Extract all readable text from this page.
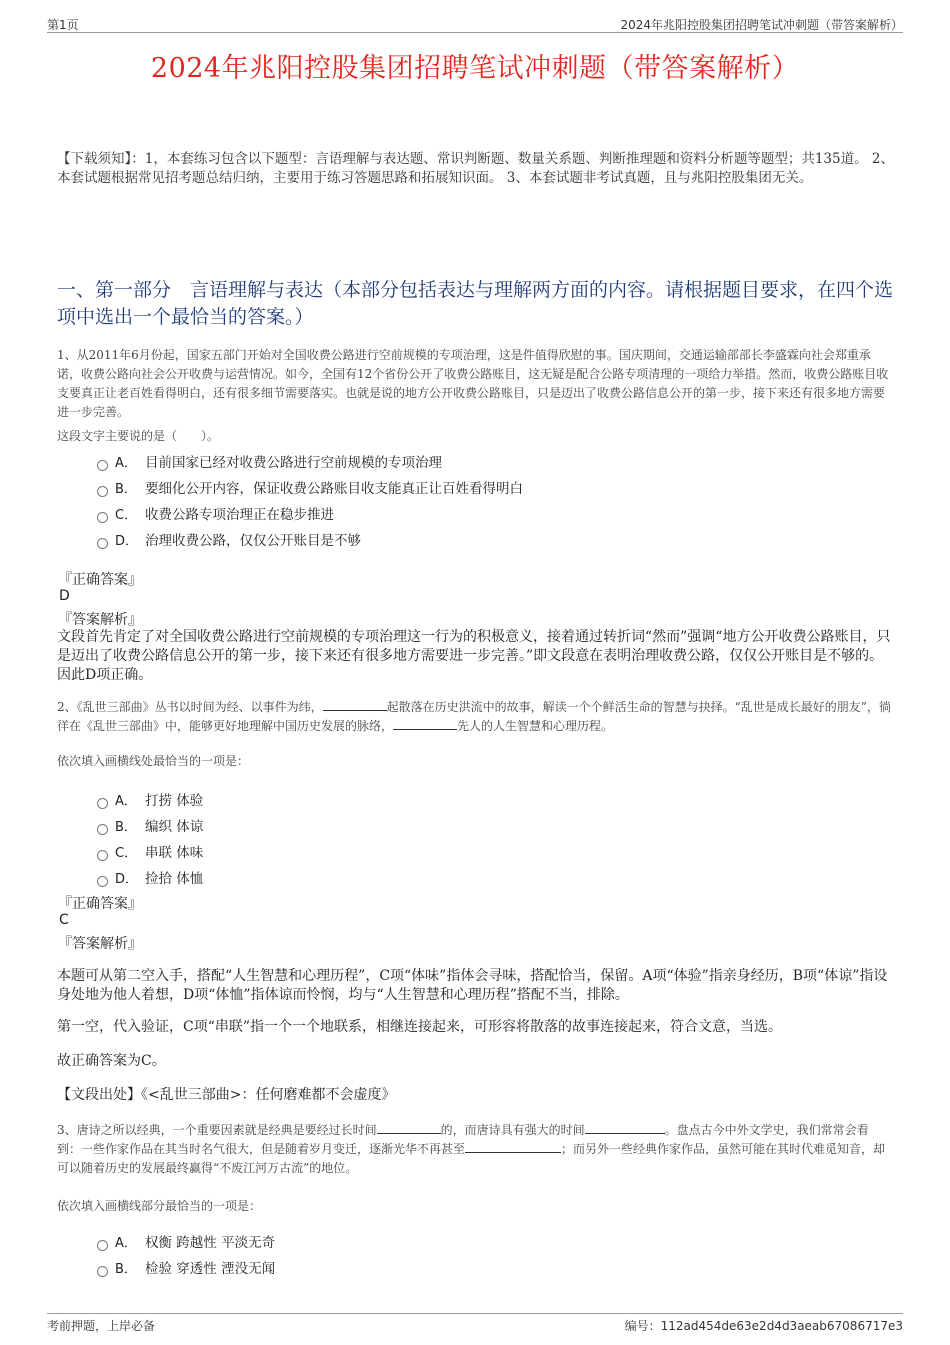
第1页	2024年兆阳控股集团招聘笔试冲刺题（带答案解析）
2024年兆阳控股集团招聘笔试冲刺题（带答案解析）
【下载须知】：1，本套练习包含以下题型：言语理解与表达题、常识判断题、数量关系题、判断推理题和资料分析题等题型；共135道。 2、本套试题根据常见招考题总结归纳，主要用于练习答题思路和拓展知识面。 3、本套试题非考试真题，且与兆阳控股集团无关。
一、第一部分　言语理解与表达（本部分包括表达与理解两方面的内容。请根据题目要求，在四个选项中选出一个最恰当的答案。）
1、从2011年6月份起，国家五部门开始对全国收费公路进行空前规模的专项治理，这是件值得欣慰的事。国庆期间，交通运输部部长李盛霖向社会郑重承诺，收费公路向社会公开收费与运营情况。如今，全国有12个省份公开了收费公路账目，这无疑是配合公路专项清理的一项给力举措。然而，收费公路账目收支要真正让老百姓看得明白，还有很多细节需要落实。也就是说的地方公开收费公路账目，只是迈出了收费公路信息公开的第一步，接下来还有很多地方需要进一步完善。
这段文字主要说的是（　　）。
A． 目前国家已经对收费公路进行空前规模的专项治理
B． 要细化公开内容，保证收费公路账目收支能真正让百姓看得明白
C． 收费公路专项治理正在稳步推进
D． 治理收费公路，仅仅公开账目是不够
『正确答案』
D
『答案解析』
文段首先肯定了对全国收费公路进行空前规模的专项治理这一行为的积极意义，接着通过转折词“然而”强调“地方公开收费公路账目，只是迈出了收费公路信息公开的第一步，接下来还有很多地方需要进一步完善。”即文段意在表明治理收费公路，仅仅公开账目是不够的。因此D项正确。
2、《乱世三部曲》丛书以时间为经、以事件为纬，	起散落在历史洪流中的故事，解读一个个鲜活生命的智慧与抉择。“乱世是成长最好的朋友”，徜徉在《乱世三部曲》中，能够更好地理解中国历史发展的脉络，	先人的人生智慧和心理历程。
依次填入画横线处最恰当的一项是：
A． 打捞 体验
B． 编织 体谅
C． 串联 体味
D． 捡拾 体恤
『正确答案』
C
『答案解析』
本题可从第二空入手，搭配“人生智慧和心理历程”，C项“体味”指体会寻味，搭配恰当，保留。A项“体验”指亲身经历，B项“体谅”指设身处地为他人着想，D项“体恤”指体谅而怜悯，均与“人生智慧和心理历程”搭配不当，排除。
第一空，代入验证，C项“串联”指一个一个地联系，相继连接起来，可形容将散落的故事连接起来，符合文意，当选。
故正确答案为C。
【文段出处】《<乱世三部曲>：任何磨难都不会虚度》
3、唐诗之所以经典，一个重要因素就是经典是要经过长时间	的，而唐诗具有强大的时间	。盘点古今中外文学史，我们常常会看到：一些作家作品在其当时名气很大，但是随着岁月变迁，逐渐光华不再甚至	；而另外一些经典作家作品，虽然可能在其时代难觅知音，却可以随着历史的发展最终赢得“不废江河万古流”的地位。
依次填入画横线部分最恰当的一项是：
A． 权衡 跨越性 平淡无奇
B． 检验 穿透性 湮没无闻
考前押题，上岸必备	编号：112ad454de63e2d4d3aeab67086717e3
